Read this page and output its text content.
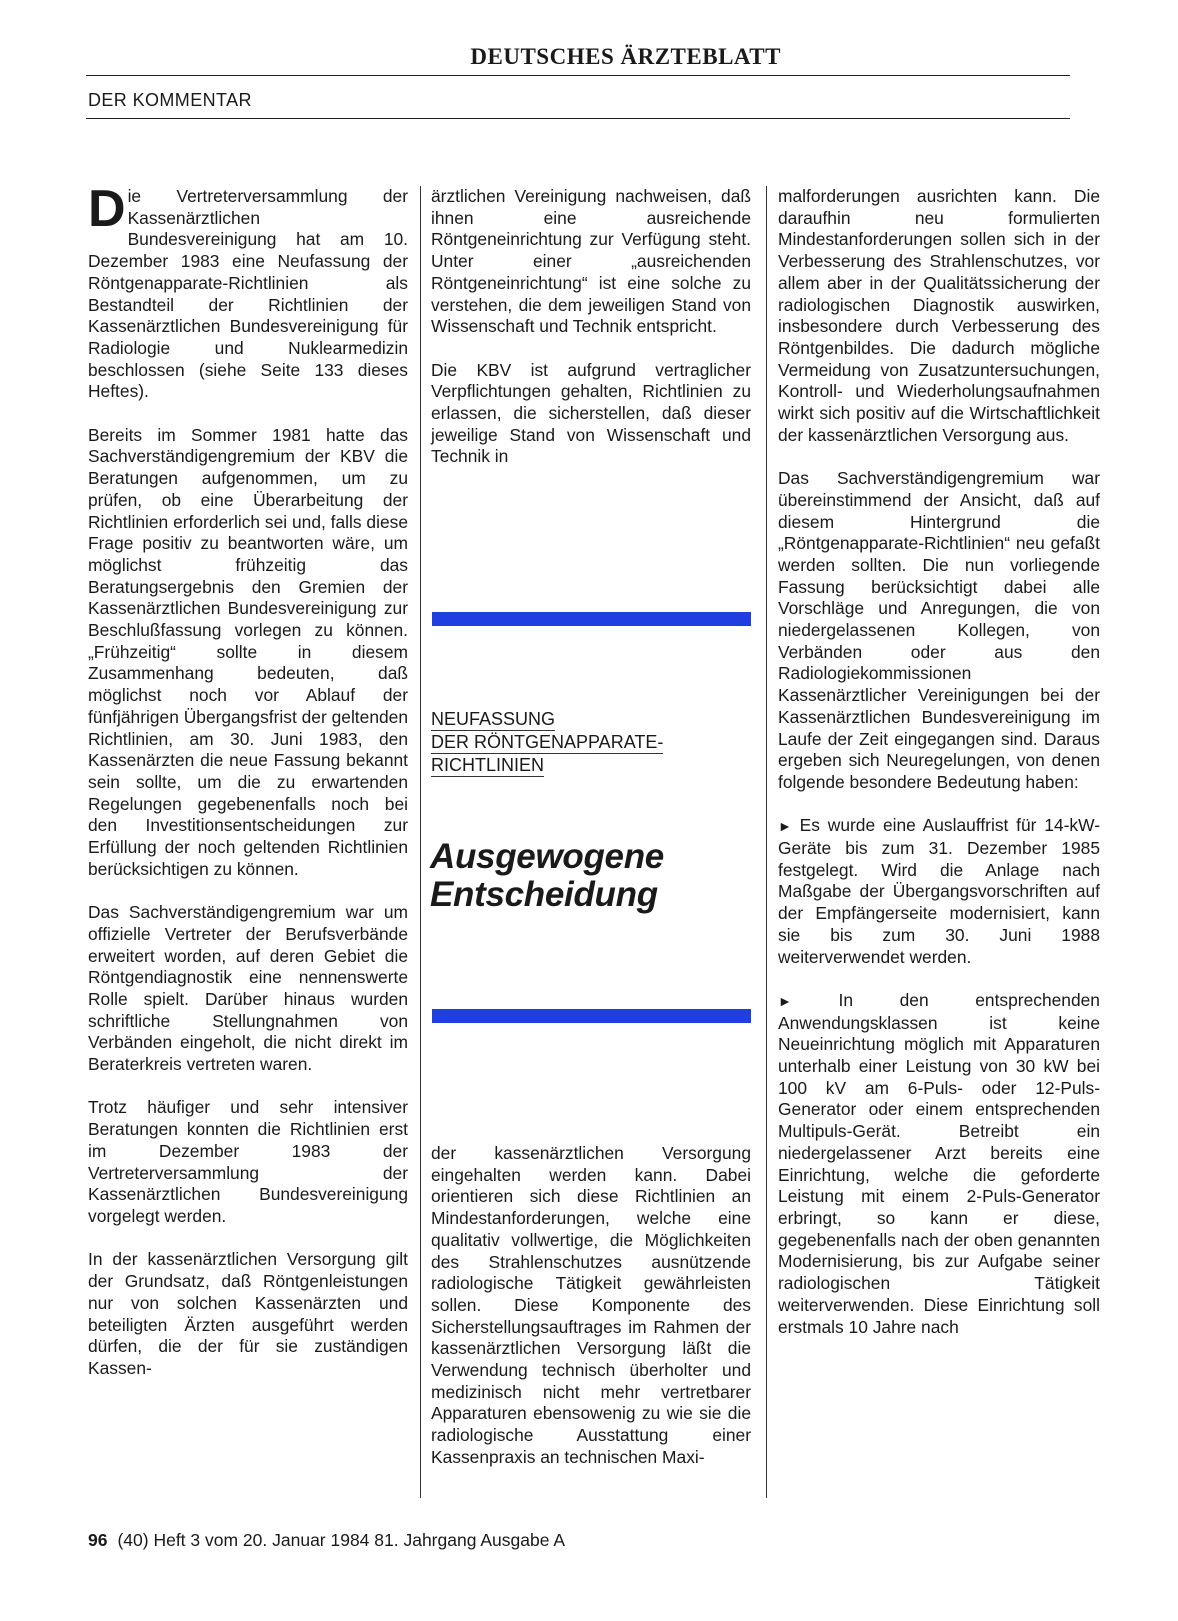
DEUTSCHES ÄRZTEBLATT
DER KOMMENTAR

Die Vertreterversammlung der Kassenärztlichen Bundesvereinigung hat am 10. Dezember 1983 eine Neufassung der Röntgenapparate-Richtlinien als Bestandteil der Richtlinien der Kassenärztlichen Bundesvereinigung für Radiologie und Nuklearmedizin beschlossen (siehe Seite 133 dieses Heftes).

Bereits im Sommer 1981 hatte das Sachverständigengremium der KBV die Beratungen aufgenommen, um zu prüfen, ob eine Überarbeitung der Richtlinien erforderlich sei und, falls diese Frage positiv zu beantworten wäre, um möglichst frühzeitig das Beratungsergebnis den Gremien der Kassenärztlichen Bundesvereinigung zur Beschlußfassung vorlegen zu können. „Frühzeitig“ sollte in diesem Zusammenhang bedeuten, daß möglichst noch vor Ablauf der fünfjährigen Übergangsfrist der geltenden Richtlinien, am 30. Juni 1983, den Kassenärzten die neue Fassung bekannt sein sollte, um die zu erwartenden Regelungen gegebenenfalls noch bei den Investitionsentscheidungen zur Erfüllung der noch geltenden Richtlinien berücksichtigen zu können.

Das Sachverständigengremium war um offizielle Vertreter der Berufsverbände erweitert worden, auf deren Gebiet die Röntgendiagnostik eine nennenswerte Rolle spielt. Darüber hinaus wurden schriftliche Stellungnahmen von Verbänden eingeholt, die nicht direkt im Beraterkreis vertreten waren.

Trotz häufiger und sehr intensiver Beratungen konnten die Richtlinien erst im Dezember 1983 der Vertreterversammlung der Kassenärztlichen Bundesvereinigung vorgelegt werden.

In der kassenärztlichen Versorgung gilt der Grundsatz, daß Röntgenleistungen nur von solchen Kassenärzten und beteiligten Ärzten ausgeführt werden dürfen, die der für sie zuständigen Kassen-

ärztlichen Vereinigung nachweisen, daß ihnen eine ausreichende Röntgeneinrichtung zur Verfügung steht. Unter einer „ausreichenden Röntgeneinrichtung“ ist eine solche zu verstehen, die dem jeweiligen Stand von Wissenschaft und Technik entspricht.

Die KBV ist aufgrund vertraglicher Verpflichtungen gehalten, Richtlinien zu erlassen, die sicherstellen, daß dieser jeweilige Stand von Wissenschaft und Technik in

NEUFASSUNG
DER RÖNTGENAPPARATE-
RICHTLINIEN
Ausgewogene
Entscheidung

der kassenärztlichen Versorgung eingehalten werden kann. Dabei orientieren sich diese Richtlinien an Mindestanforderungen, welche eine qualitativ vollwertige, die Möglichkeiten des Strahlenschutzes ausnützende radiologische Tätigkeit gewährleisten sollen. Diese Komponente des Sicherstellungsauftrages im Rahmen der kassenärztlichen Versorgung läßt die Verwendung technisch überholter und medizinisch nicht mehr vertretbarer Apparaturen ebensowenig zu wie sie die radiologische Ausstattung einer Kassenpraxis an technischen Maxi-

malforderungen ausrichten kann. Die daraufhin neu formulierten Mindestanforderungen sollen sich in der Verbesserung des Strahlenschutzes, vor allem aber in der Qualitätssicherung der radiologischen Diagnostik auswirken, insbesondere durch Verbesserung des Röntgenbildes. Die dadurch mögliche Vermeidung von Zusatzuntersuchungen, Kontroll- und Wiederholungsaufnahmen wirkt sich positiv auf die Wirtschaftlichkeit der kassenärztlichen Versorgung aus.

Das Sachverständigengremium war übereinstimmend der Ansicht, daß auf diesem Hintergrund die „Röntgenapparate-Richtlinien“ neu gefaßt werden sollten. Die nun vorliegende Fassung berücksichtigt dabei alle Vorschläge und Anregungen, die von niedergelassenen Kollegen, von Verbänden oder aus den Radiologiekommissionen Kassenärztlicher Vereinigungen bei der Kassenärztlichen Bundesvereinigung im Laufe der Zeit eingegangen sind. Daraus ergeben sich Neuregelungen, von denen folgende besondere Bedeutung haben:

► Es wurde eine Auslauffrist für 14-kW-Geräte bis zum 31. Dezember 1985 festgelegt. Wird die Anlage nach Maßgabe der Übergangsvorschriften auf der Empfängerseite modernisiert, kann sie bis zum 30. Juni 1988 weiterverwendet werden.

►	In den entsprechenden Anwendungsklassen ist keine Neueinrichtung möglich mit Apparaturen unterhalb einer Leistung von 30 kW bei 100 kV am 6-Puls- oder 12-Puls-Generator oder einem entsprechenden Multipuls-Gerät. Betreibt ein niedergelassener Arzt bereits eine Einrichtung, welche die geforderte Leistung mit einem 2-Puls-Generator erbringt, so kann er diese, gegebenenfalls nach der oben genannten Modernisierung, bis zur Aufgabe seiner radiologischen Tätigkeit weiterverwenden. Diese Einrichtung soll erstmals 10 Jahre nach

96 (40) Heft 3 vom 20. Januar 1984 81. Jahrgang Ausgabe A
